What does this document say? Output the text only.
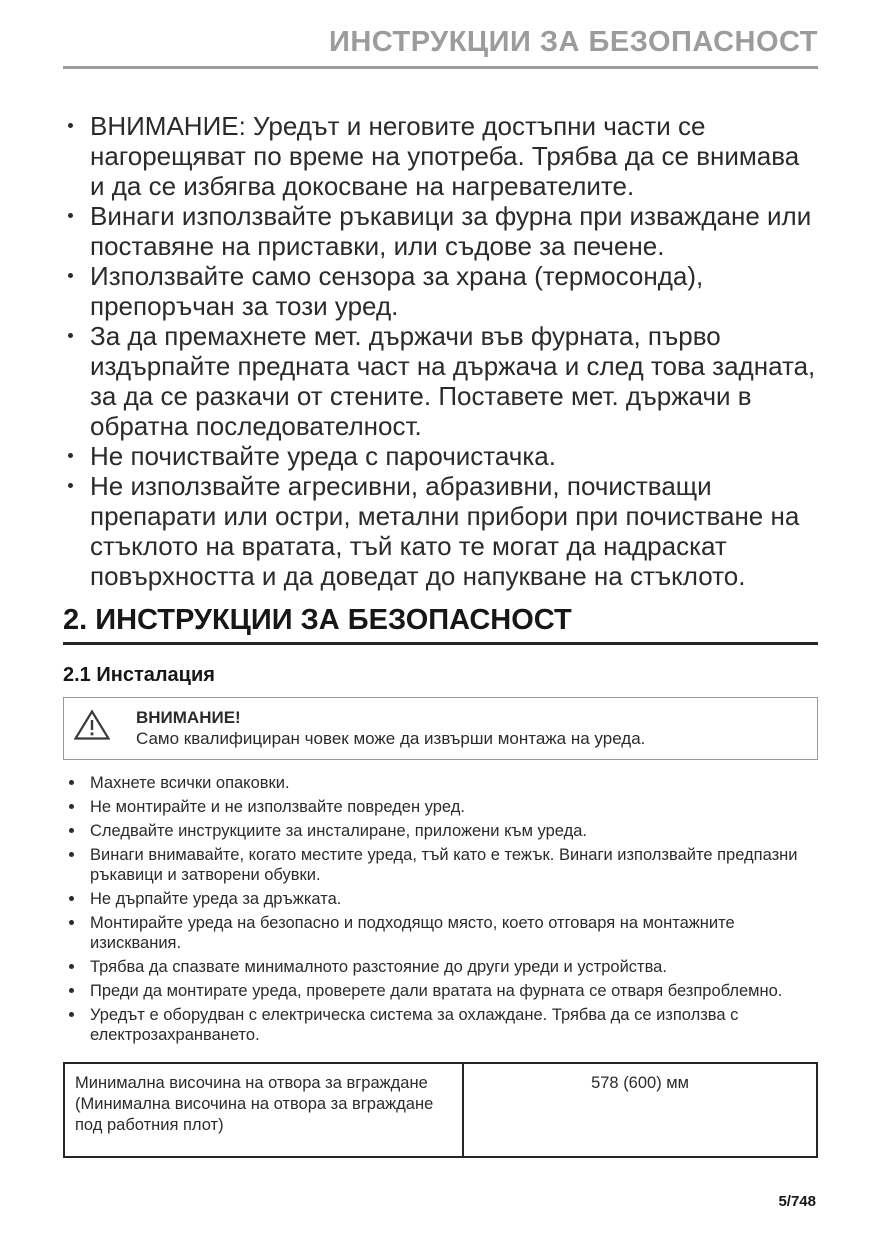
ИНСТРУКЦИИ ЗА БЕЗОПАСНОСТ
ВНИМАНИЕ: Уредът и неговите достъпни части се нагорещяват по време на употреба. Трябва да се внимава и да се избягва докосване на нагревателите.
Винаги използвайте ръкавици за фурна при изваждане или поставяне на приставки, или съдове за печене.
Използвайте само сензора за храна (термосонда), препоръчан за този уред.
За да премахнете мет. държачи във фурната, първо издърпайте предната част на държача и след това задната, за да се разкачи от стените. Поставете мет. държачи в обратна последователност.
Не почиствайте уреда с парочистачка.
Не използвайте агресивни, абразивни, почистващи препарати или остри, метални прибори при почистване на стъклото на вратата, тъй като те могат да надраскат повърхността и да доведат до напукване на стъклото.
2. ИНСТРУКЦИИ ЗА БЕЗОПАСНОСТ
2.1 Инсталация
ВНИМАНИЕ!
Само квалифициран човек може да извърши монтажа на уреда.
Махнете всички опаковки.
Не монтирайте и не използвайте повреден уред.
Следвайте инструкциите за инсталиране, приложени към уреда.
Винаги внимавайте, когато местите уреда, тъй като е тежък. Винаги използвайте предпазни ръкавици и затворени обувки.
Не дърпайте уреда за дръжката.
Монтирайте уреда на безопасно и подходящо място, което отговаря на монтажните изисквания.
Трябва да спазвате минималното разстояние до други уреди и устройства.
Преди да монтирате уреда, проверете дали вратата на фурната се отваря безпроблемно.
Уредът е оборудван с електрическа система за охлаждане. Трябва да се използва с електрозахранването.
Минимална височина на отвора за вграждане (Минимална височина на отвора за вграждане под работния плот)	578 (600) мм
5/748
